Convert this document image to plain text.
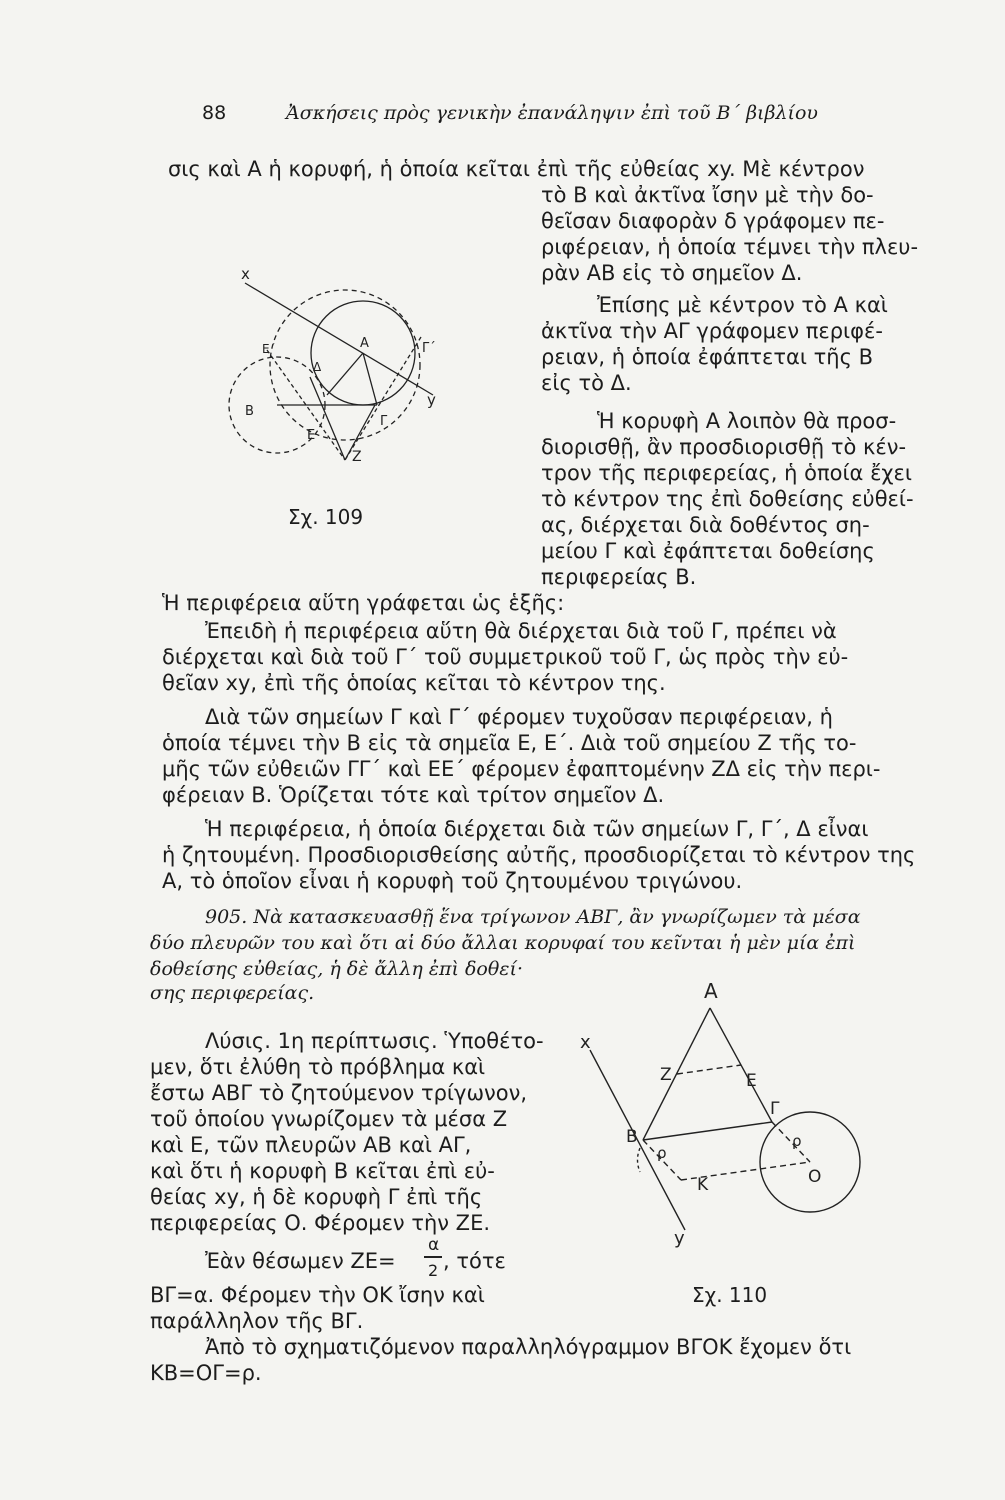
88	Ἀσκήσεις πρὸς γενικὴν ἐπανάληψιν ἐπὶ τοῦ Β΄ βιβλίου
x
y
Α
Β
Γ
Γ΄
Δ
Ε
Ε΄
Ζ
Σχ. 109
σις καὶ Α ἡ κορυφή, ἡ ὁποία κεῖται ἐπὶ τῆς εὐθείας xy. Μὲ κέντρον
τὸ Β καὶ ἀκτῖνα ἴσην μὲ τὴν δο-
θεῖσαν διαφορὰν δ γράφομεν πε-
ριφέρειαν, ἡ ὁποία τέμνει τὴν πλευ-
ρὰν ΑΒ εἰς τὸ σημεῖον Δ.
Ἐπίσης μὲ κέντρον τὸ Α καὶ
ἀκτῖνα τὴν ΑΓ γράφομεν περιφέ-
ρειαν, ἡ ὁποία ἐφάπτεται τῆς Β
εἰς τὸ Δ.
Ἡ κορυφὴ Α λοιπὸν θὰ προσ-
διορισθῇ, ἂν προσδιορισθῇ τὸ κέν-
τρον τῆς περιφερείας, ἡ ὁποία ἔχει
τὸ κέντρον της ἐπὶ δοθείσης εὐθεί-
ας, διέρχεται διὰ δοθέντος ση-
μείου Γ καὶ ἐφάπτεται δοθείσης
περιφερείας Β.
Ἡ περιφέρεια αὕτη γράφεται ὡς ἑξῆς:
Ἐπειδὴ ἡ περιφέρεια αὕτη θὰ διέρχεται διὰ τοῦ Γ, πρέπει νὰ
διέρχεται καὶ διὰ τοῦ Γ΄ τοῦ συμμετρικοῦ τοῦ Γ, ὡς πρὸς τὴν εὐ-
θεῖαν xy, ἐπὶ τῆς ὁποίας κεῖται τὸ κέντρον της.
Διὰ τῶν σημείων Γ καὶ Γ΄ φέρομεν τυχοῦσαν περιφέρειαν, ἡ
ὁποία τέμνει τὴν Β εἰς τὰ σημεῖα Ε, Ε΄. Διὰ τοῦ σημείου Ζ τῆς το-
μῆς τῶν εὐθειῶν ΓΓ΄ καὶ ΕΕ΄ φέρομεν ἐφαπτομένην ΖΔ εἰς τὴν περι-
φέρειαν Β. Ὁρίζεται τότε καὶ τρίτον σημεῖον Δ.
Ἡ περιφέρεια, ἡ ὁποία διέρχεται διὰ τῶν σημείων Γ, Γ΄, Δ εἶναι
ἡ ζητουμένη. Προσδιορισθείσης αὐτῆς, προσδιορίζεται τὸ κέντρον της
Α, τὸ ὁποῖον εἶναι ἡ κορυφὴ τοῦ ζητουμένου τριγώνου.
905. Νὰ κατασκευασθῇ ἕνα τρίγωνον ΑΒΓ, ἂν γνωρίζωμεν τὰ μέσα
δύο πλευρῶν του καὶ ὅτι αἱ δύο ἄλλαι κορυφαί του κεῖνται ἡ μὲν μία ἐπὶ
δοθείσης εὐθείας, ἡ δὲ ἄλλη ἐπὶ δοθεί·
σης περιφερείας.
Λύσις. 1η περίπτωσις. Ὑποθέτο-
μεν, ὅτι ἐλύθη τὸ πρόβλημα καὶ
ἔστω ΑΒΓ τὸ ζητούμενον τρίγωνον,
τοῦ ὁποίου γνωρίζομεν τὰ μέσα Ζ
καὶ Ε, τῶν πλευρῶν ΑΒ καὶ ΑΓ,
καὶ ὅτι ἡ κορυφὴ Β κεῖται ἐπὶ εὐ-
θείας xy, ἡ δὲ κορυφὴ Γ ἐπὶ τῆς
περιφερείας Ο. Φέρομεν τὴν ΖΕ.
Ἐὰν θέσωμεν ΖΕ=
α
2 , τότε
ΒΓ=α. Φέρομεν τὴν ΟΚ ἴσην καὶ
παράλληλον τῆς ΒΓ.
Ἀπὸ τὸ σχηματιζόμενον παραλληλόγραμμον ΒΓΟΚ ἔχομεν ὅτι
ΚΒ=ΟΓ=ρ.
Α
x
y
Β
Γ
Ε
Ζ
ρ
Κ
ρ
Ο
Σχ. 110
